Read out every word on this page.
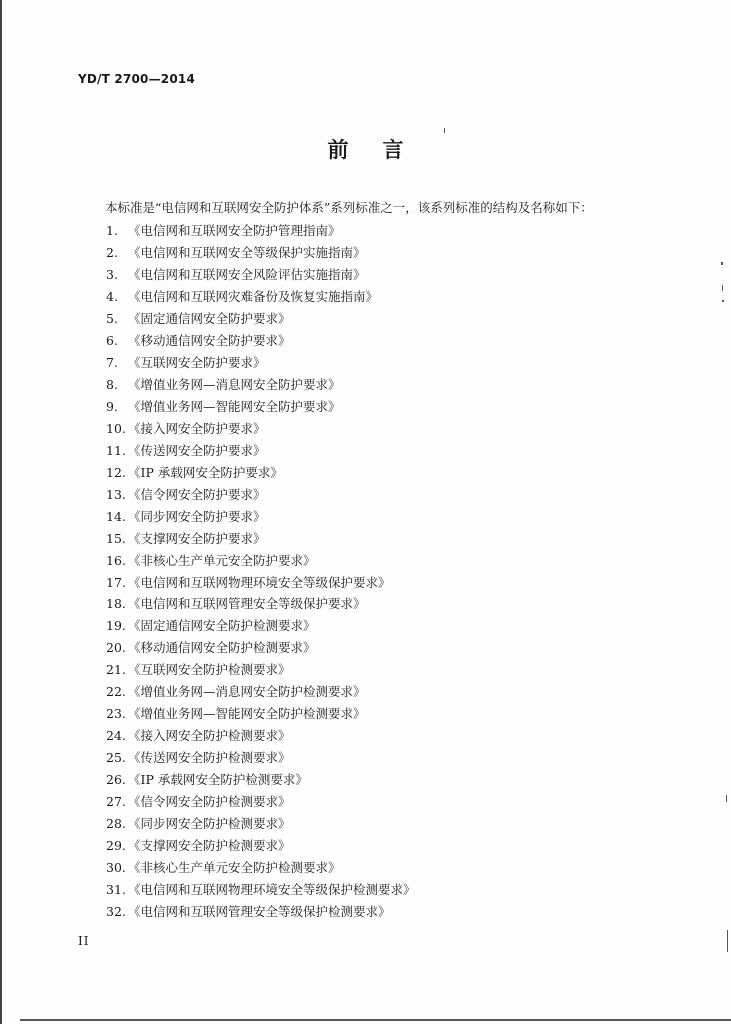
YD/T 2700—2014
前言
本标准是“电信网和互联网安全防护体系”系列标准之一，该系列标准的结构及名称如下：
1. 《电信网和互联网安全防护管理指南》
2. 《电信网和互联网安全等级保护实施指南》
3. 《电信网和互联网安全风险评估实施指南》
4. 《电信网和互联网灾难备份及恢复实施指南》
5. 《固定通信网安全防护要求》
6. 《移动通信网安全防护要求》
7. 《互联网安全防护要求》
8. 《增值业务网—消息网安全防护要求》
9. 《增值业务网—智能网安全防护要求》
10. 《接入网安全防护要求》
11. 《传送网安全防护要求》
12. 《IP 承载网安全防护要求》
13. 《信令网安全防护要求》
14. 《同步网安全防护要求》
15. 《支撑网安全防护要求》
16. 《非核心生产单元安全防护要求》
17. 《电信网和互联网物理环境安全等级保护要求》
18. 《电信网和互联网管理安全等级保护要求》
19. 《固定通信网安全防护检测要求》
20. 《移动通信网安全防护检测要求》
21. 《互联网安全防护检测要求》
22. 《增值业务网—消息网安全防护检测要求》
23. 《增值业务网—智能网安全防护检测要求》
24. 《接入网安全防护检测要求》
25. 《传送网安全防护检测要求》
26. 《IP 承载网安全防护检测要求》
27. 《信令网安全防护检测要求》
28. 《同步网安全防护检测要求》
29. 《支撑网安全防护检测要求》
30. 《非核心生产单元安全防护检测要求》
31. 《电信网和互联网物理环境安全等级保护检测要求》
32. 《电信网和互联网管理安全等级保护检测要求》
II
